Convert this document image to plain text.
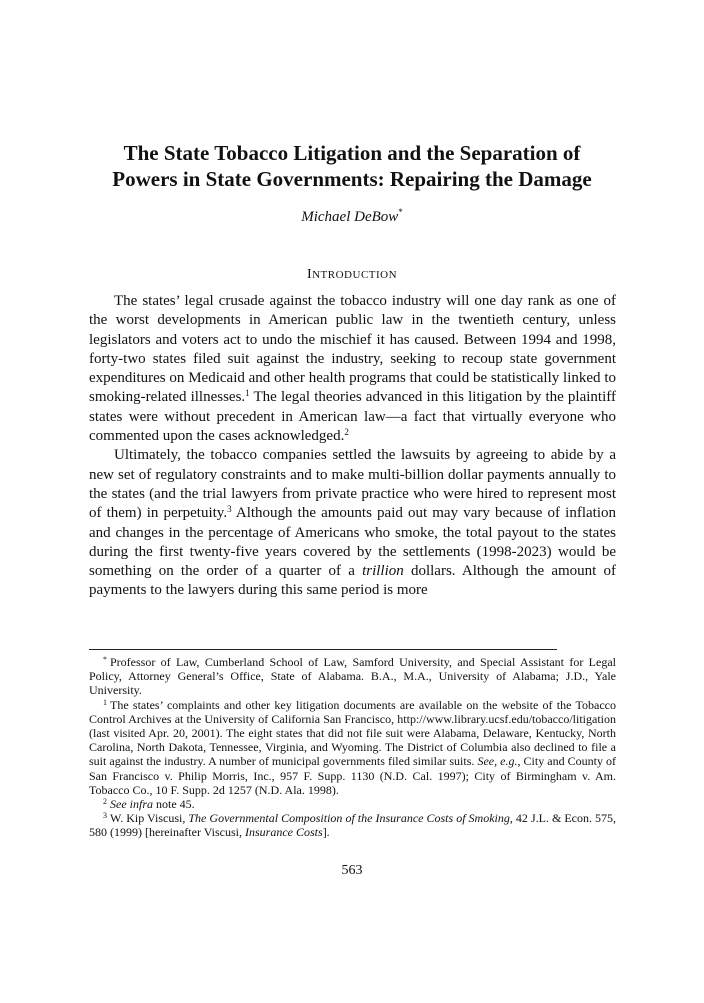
The State Tobacco Litigation and the Separation of
Powers in State Governments: Repairing the Damage
Michael DeBow*
INTRODUCTION

The states’ legal crusade against the tobacco industry will one day rank as one of the worst developments in American public law in the twentieth century, unless legislators and voters act to undo the mischief it has caused. Between 1994 and 1998, forty-two states filed suit against the industry, seeking to recoup state government expenditures on Medicaid and other health programs that could be statistically linked to smoking-related illnesses.$^1$ The legal theories advanced in this litigation by the plaintiff states were without precedent in American law—a fact that virtually everyone who commented upon the cases acknowledged.$^2$

Ultimately, the tobacco companies settled the lawsuits by agreeing to abide by a new set of regulatory constraints and to make multi-billion dollar payments annually to the states (and the trial lawyers from private practice who were hired to represent most of them) in perpetuity.$^3$ Although the amounts paid out may vary because of inflation and changes in the percentage of Americans who smoke, the total payout to the states during the first twenty-five years covered by the settlements (1998-2023) would be something on the order of a quarter of a trillion dollars. Although the amount of payments to the lawyers during this same period is more

* Professor of Law, Cumberland School of Law, Samford University, and Special Assistant for Legal Policy, Attorney General’s Office, State of Alabama. B.A., M.A., University of Alabama; J.D., Yale University.

$^1$ The states’ complaints and other key litigation documents are available on the website of the Tobacco Control Archives at the University of California San Francisco, http://www.library.ucsf.edu/tobacco/litigation (last visited Apr. 20, 2001). The eight states that did not file suit were Alabama, Delaware, Kentucky, North Carolina, North Dakota, Tennessee, Virginia, and Wyoming. The District of Columbia also declined to file a suit against the industry. A number of municipal governments filed similar suits. See, e.g., City and County of San Francisco v. Philip Morris, Inc., 957 F. Supp. 1130 (N.D. Cal. 1997); City of Birmingham v. Am. Tobacco Co., 10 F. Supp. 2d 1257 (N.D. Ala. 1998).

$^2$ See infra note 45.

$^3$ W. Kip Viscusi, The Governmental Composition of the Insurance Costs of Smoking, 42 J.L. & Econ. 575, 580 (1999) [hereinafter Viscusi, Insurance Costs].

563
